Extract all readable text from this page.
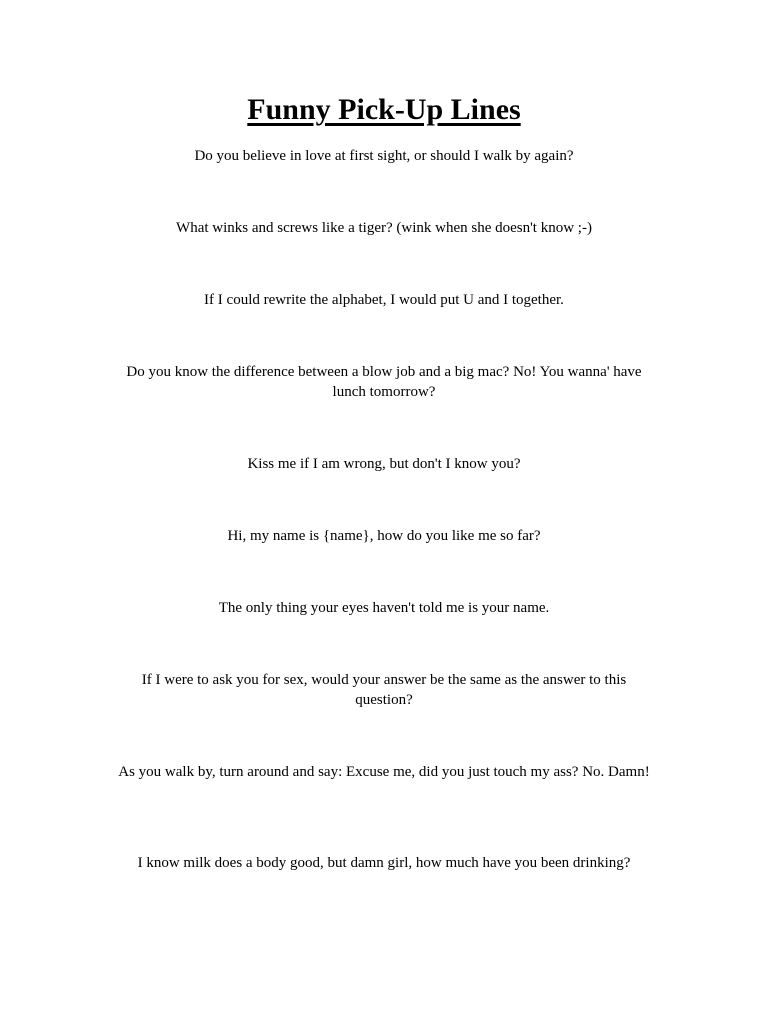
Funny Pick-Up Lines

Do you believe in love at first sight, or should I walk by again?

What winks and screws like a tiger? (wink when she doesn't know ;-)

If I could rewrite the alphabet, I would put U and I together.

Do you know the difference between a blow job and a big mac? No! You wanna' have lunch tomorrow?

Kiss me if I am wrong, but don't I know you?

Hi, my name is {name}, how do you like me so far?

The only thing your eyes haven't told me is your name.

If I were to ask you for sex, would your answer be the same as the answer to this question?

As you walk by, turn around and say: Excuse me, did you just touch my ass? No. Damn!

I know milk does a body good, but damn girl, how much have you been drinking?
